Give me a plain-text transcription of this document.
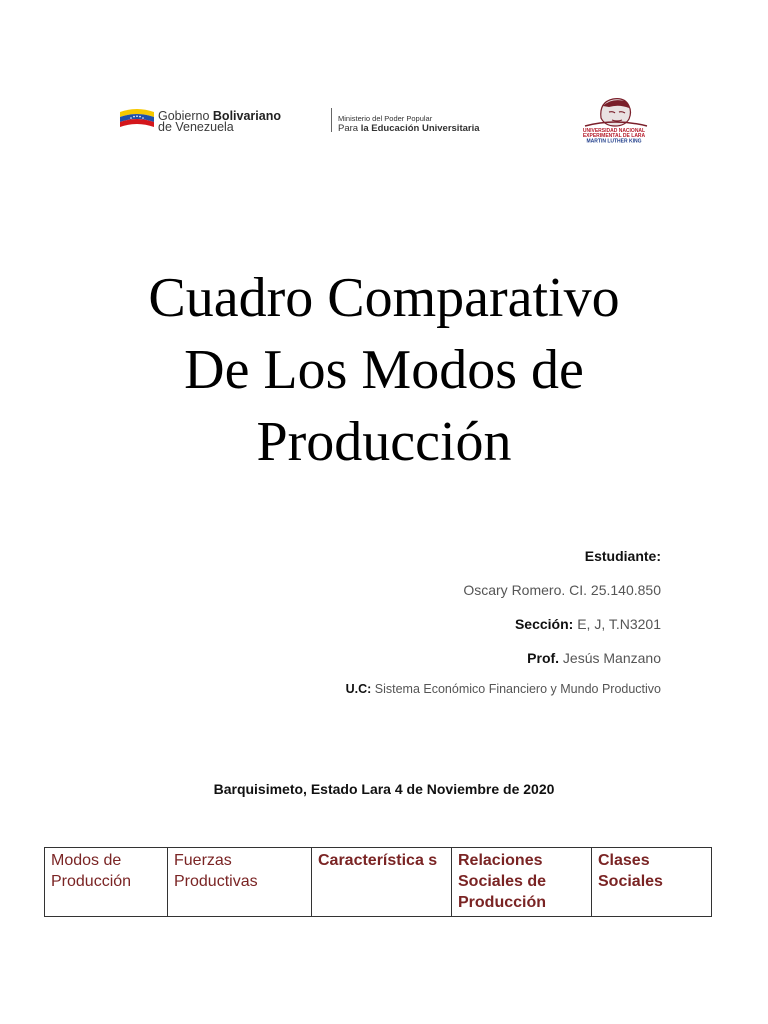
Gobierno Bolivariano
de Venezuela
Ministerio del Poder Popular
Para la Educación Universitaria	UNIVERSIDAD NACIONAL
EXPERIMENTAL DE LARA
MARTIN LUTHER KING
Cuadro Comparativo
De Los Modos de
Producción
Estudiante:
Oscary Romero. CI. 25.140.850
Sección: E, J, T.N3201
Prof. Jesús Manzano
U.C: Sistema Económico Financiero y Mundo Productivo
Barquisimeto, Estado Lara 4 de Noviembre de 2020
Modos de Producción	Fuerzas Productivas	Característica s	Relaciones Sociales de Producción	Clases Sociales
